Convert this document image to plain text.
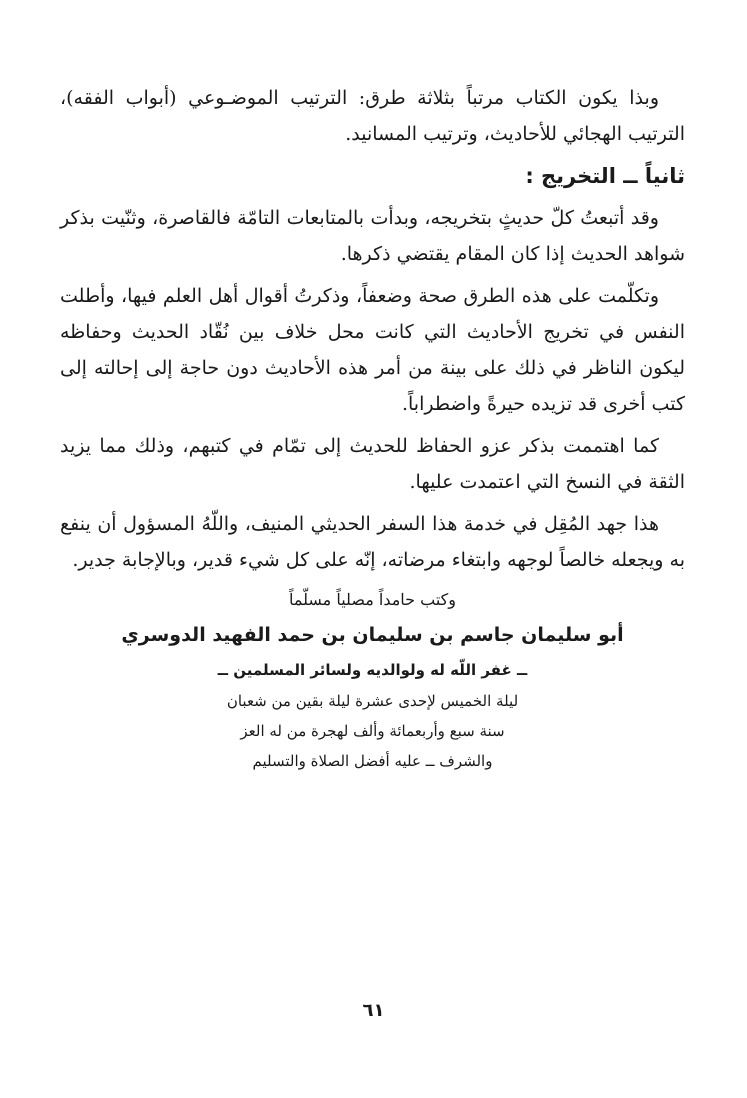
وبذا يكون الكتاب مرتباً بثلاثة طرق: الترتيب الموضـوعي (أبواب الفقه)، الترتيب الهجائي للأحاديث، وترتيب المسانيد.

ثانياً ــ التخريج :

وقد أتبعتُ كلّ حديثٍ بتخريجه، وبدأت بالمتابعات التامّة فالقاصرة، وثنّيت بذكر شواهد الحديث إذا كان المقام يقتضي ذكرها.

وتكلّمت على هذه الطرق صحة وضعفاً، وذكرتُ أقوال أهل العلم فيها، وأطلت النفس في تخريج الأحاديث التي كانت محل خلاف بين نُقّاد الحديث وحفاظه ليكون الناظر في ذلك على بينة من أمر هذه الأحاديث دون حاجة إلى إحالته إلى كتب أخرى قد تزيده حيرةً واضطراباً.

كما اهتممت بذكر عزو الحفاظ للحديث إلى تمّام في كتبهم، وذلك مما يزيد الثقة في النسخ التي اعتمدت عليها.

هذا جهد المُقِل في خدمة هذا السفر الحديثي المنيف، واللّهُ المسؤول أن ينفع به ويجعله خالصاً لوجهه وابتغاء مرضاته، إنّه على كل شيء قدير، وبالإجابة جدير.

وكتب حامداً مصلياً مسلّماً
أبو سليمان جاسم بن سليمان بن حمد الفهيد الدوسري
ــ غفر اللّه له ولوالديه ولسائر المسلمين ــ
ليلة الخميس لإحدى عشرة ليلة بقين من شعبان
سنة سبع وأربعمائة وألف لهجرة من له العز
والشرف ــ عليه أفضل الصلاة والتسليم
٦١
